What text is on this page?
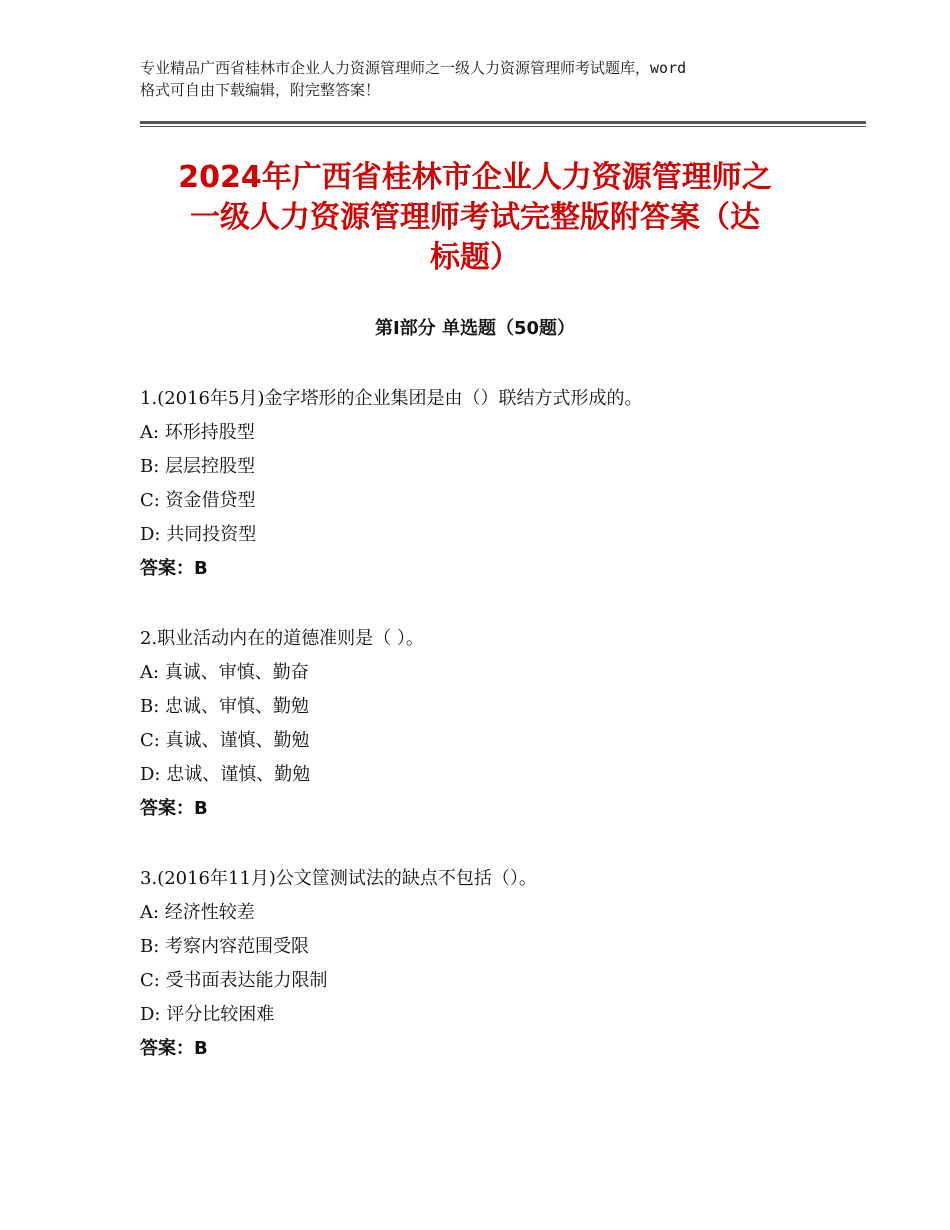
专业精品广西省桂林市企业人力资源管理师之一级人力资源管理师考试题库，word
格式可自由下载编辑，附完整答案！
2024年广西省桂林市企业人力资源管理师之
一级人力资源管理师考试完整版附答案（达
标题）
第Ⅰ部分 单选题（50题）
1.(2016年5月)金字塔形的企业集团是由（）联结方式形成的。
A: 环形持股型
B: 层层控股型
C: 资金借贷型
D: 共同投资型
答案：B
2.职业活动内在的道德准则是（ ）。
A: 真诚、审慎、勤奋
B: 忠诚、审慎、勤勉
C: 真诚、谨慎、勤勉
D: 忠诚、谨慎、勤勉
答案：B
3.(2016年11月)公文筐测试法的缺点不包括（）。
A: 经济性较差
B: 考察内容范围受限
C: 受书面表达能力限制
D: 评分比较困难
答案：B
